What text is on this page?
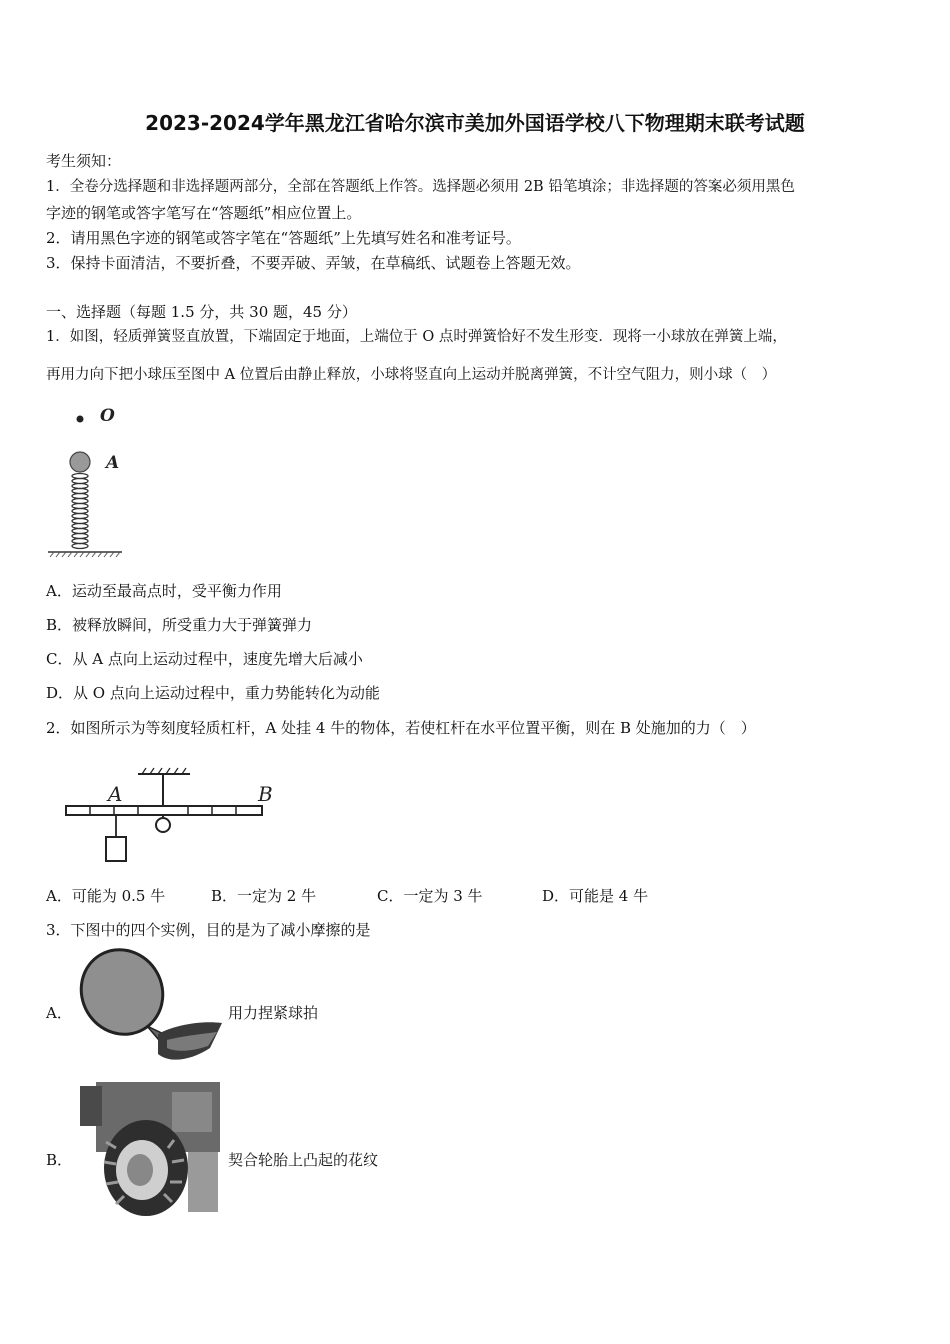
2023-2024学年黑龙江省哈尔滨市美加外国语学校八下物理期末联考试题
考生须知：
1．全卷分选择题和非选择题两部分，全部在答题纸上作答。选择题必须用 2B 铅笔填涂；非选择题的答案必须用黑色
字迹的钢笔或答字笔写在“答题纸”相应位置上。
2．请用黑色字迹的钢笔或答字笔在“答题纸”上先填写姓名和准考证号。
3．保持卡面清洁，不要折叠，不要弄破、弄皱，在草稿纸、试题卷上答题无效。
一、选择题（每题 1.5 分，共 30 题，45 分）
1．如图，轻质弹簧竖直放置，下端固定于地面，上端位于 O 点时弹簧恰好不发生形变．现将一小球放在弹簧上端，
再用力向下把小球压至图中 A 位置后由静止释放，小球将竖直向上运动并脱离弹簧，不计空气阻力，则小球（　）
O
A
A．运动至最高点时，受平衡力作用
B．被释放瞬间，所受重力大于弹簧弹力
C．从 A 点向上运动过程中，速度先增大后减小
D．从 O 点向上运动过程中，重力势能转化为动能
2．如图所示为等刻度轻质杠杆，A 处挂 4 牛的物体，若使杠杆在水平位置平衡，则在 B 处施加的力（　）
A	B
A．可能为 0.5 牛	B．一定为 2 牛	C．一定为 3 牛	D．可能是 4 牛
3．下图中的四个实例，目的是为了减小摩擦的是
A．	用力捏紧球拍
B．	契合轮胎上凸起的花纹
